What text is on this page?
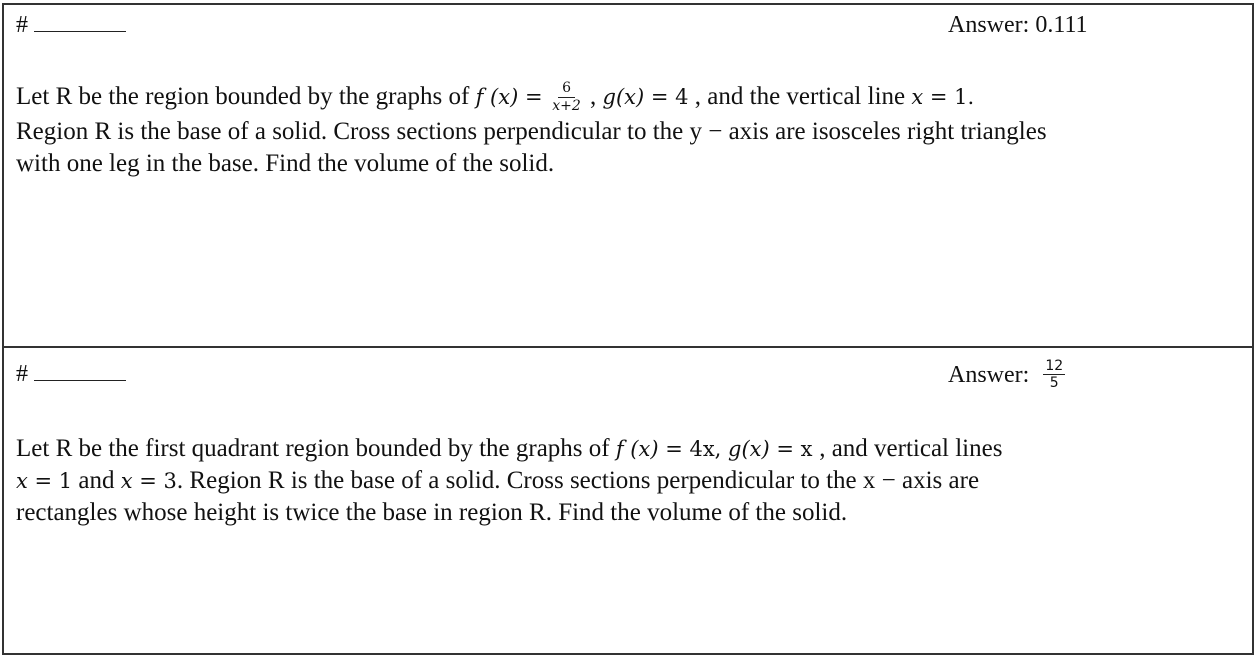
#	Answer: 0.111
Let R be the region bounded by the graphs of f $(x) = \frac{6}{x+2}$ , g(x) = 4 , and the vertical line x = 1.
Region R is the base of a solid. Cross sections perpendicular to the y − axis are isosceles right triangles
with one leg in the base. Find the volume of the solid.
#	Answer: $\frac{12}{5}$
Let R be the first quadrant region bounded by the graphs of f (x) = 4x, g(x) = x , and vertical lines
x = 1 and x = 3. Region R is the base of a solid. Cross sections perpendicular to the x − axis are
rectangles whose height is twice the base in region R. Find the volume of the solid.
